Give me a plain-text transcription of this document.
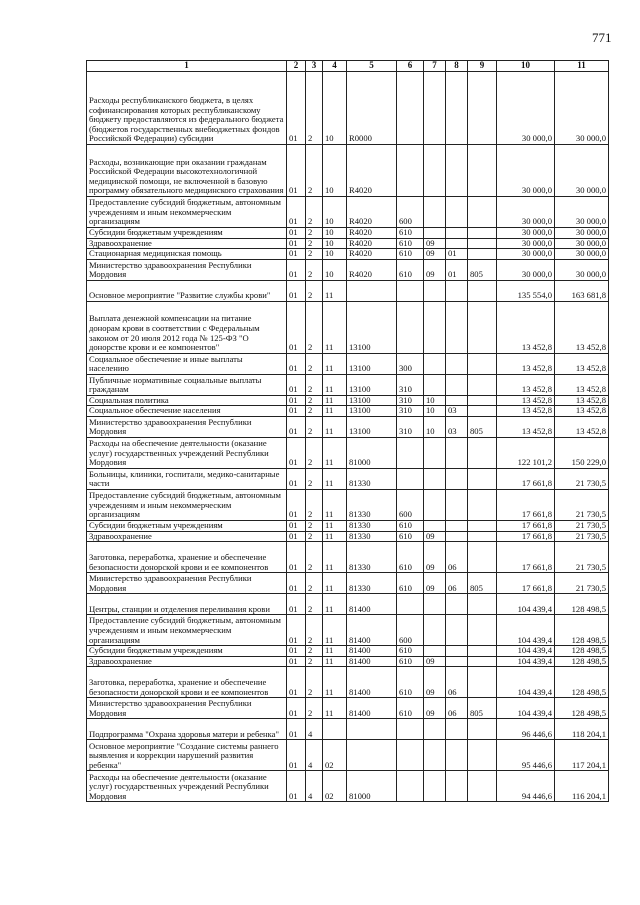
771
1	2	3	4	5	6	7	8	9	10	11
Расходы республиканского бюджета, в целях софинансирования которых республиканскому бюджету предоставляются из федерального бюджета (бюджетов государственных внебюджетных фондов Российской Федерации) субсидии	01	2	10	R0000					30 000,0	30 000,0
Расходы, возникающие при оказании гражданам Российской Федерации высокотехнологичной медицинской помощи, не включенной в базовую программу обязательного медицинского страхования	01	2	10	R4020					30 000,0	30 000,0
Предоставление субсидий бюджетным, автономным учреждениям и иным некоммерческим организациям	01	2	10	R4020	600				30 000,0	30 000,0
Субсидии бюджетным учреждениям	01	2	10	R4020	610				30 000,0	30 000,0
Здравоохранение	01	2	10	R4020	610	09			30 000,0	30 000,0
Стационарная медицинская помощь	01	2	10	R4020	610	09	01		30 000,0	30 000,0
Министерство здравоохранения Республики Мордовия	01	2	10	R4020	610	09	01	805	30 000,0	30 000,0
Основное мероприятие "Развитие службы крови"	01	2	11						135 554,0	163 681,8
Выплата денежной компенсации на питание донорам крови в соответствии с Федеральным законом от 20 июля 2012 года № 125-ФЗ "О донорстве крови и ее компонентов"	01	2	11	13100					13 452,8	13 452,8
Социальное обеспечение и иные выплаты населению	01	2	11	13100	300				13 452,8	13 452,8
Публичные нормативные социальные выплаты гражданам	01	2	11	13100	310				13 452,8	13 452,8
Социальная политика	01	2	11	13100	310	10			13 452,8	13 452,8
Социальное обеспечение населения	01	2	11	13100	310	10	03		13 452,8	13 452,8
Министерство здравоохранения Республики Мордовия	01	2	11	13100	310	10	03	805	13 452,8	13 452,8
Расходы на обеспечение деятельности (оказание услуг) государственных учреждений Республики Мордовия	01	2	11	81000					122 101,2	150 229,0
Больницы, клиники, госпитали, медико-санитарные части	01	2	11	81330					17 661,8	21 730,5
Предоставление субсидий бюджетным, автономным учреждениям и иным некоммерческим организациям	01	2	11	81330	600				17 661,8	21 730,5
Субсидии бюджетным учреждениям	01	2	11	81330	610				17 661,8	21 730,5
Здравоохранение	01	2	11	81330	610	09			17 661,8	21 730,5
Заготовка, переработка, хранение и обеспечение безопасности донорской крови и ее компонентов	01	2	11	81330	610	09	06		17 661,8	21 730,5
Министерство здравоохранения Республики Мордовия	01	2	11	81330	610	09	06	805	17 661,8	21 730,5
Центры, станции и отделения переливания крови	01	2	11	81400					104 439,4	128 498,5
Предоставление субсидий бюджетным, автономным учреждениям и иным некоммерческим организациям	01	2	11	81400	600				104 439,4	128 498,5
Субсидии бюджетным учреждениям	01	2	11	81400	610				104 439,4	128 498,5
Здравоохранение	01	2	11	81400	610	09			104 439,4	128 498,5
Заготовка, переработка, хранение и обеспечение безопасности донорской крови и ее компонентов	01	2	11	81400	610	09	06		104 439,4	128 498,5
Министерство здравоохранения Республики Мордовия	01	2	11	81400	610	09	06	805	104 439,4	128 498,5
Подпрограмма "Охрана здоровья матери и ребенка"	01	4							96 446,6	118 204,1
Основное мероприятие "Создание системы раннего выявления и коррекции нарушений развития ребенка"	01	4	02						95 446,6	117 204,1
Расходы на обеспечение деятельности (оказание услуг) государственных учреждений Республики Мордовия	01	4	02	81000					94 446,6	116 204,1
